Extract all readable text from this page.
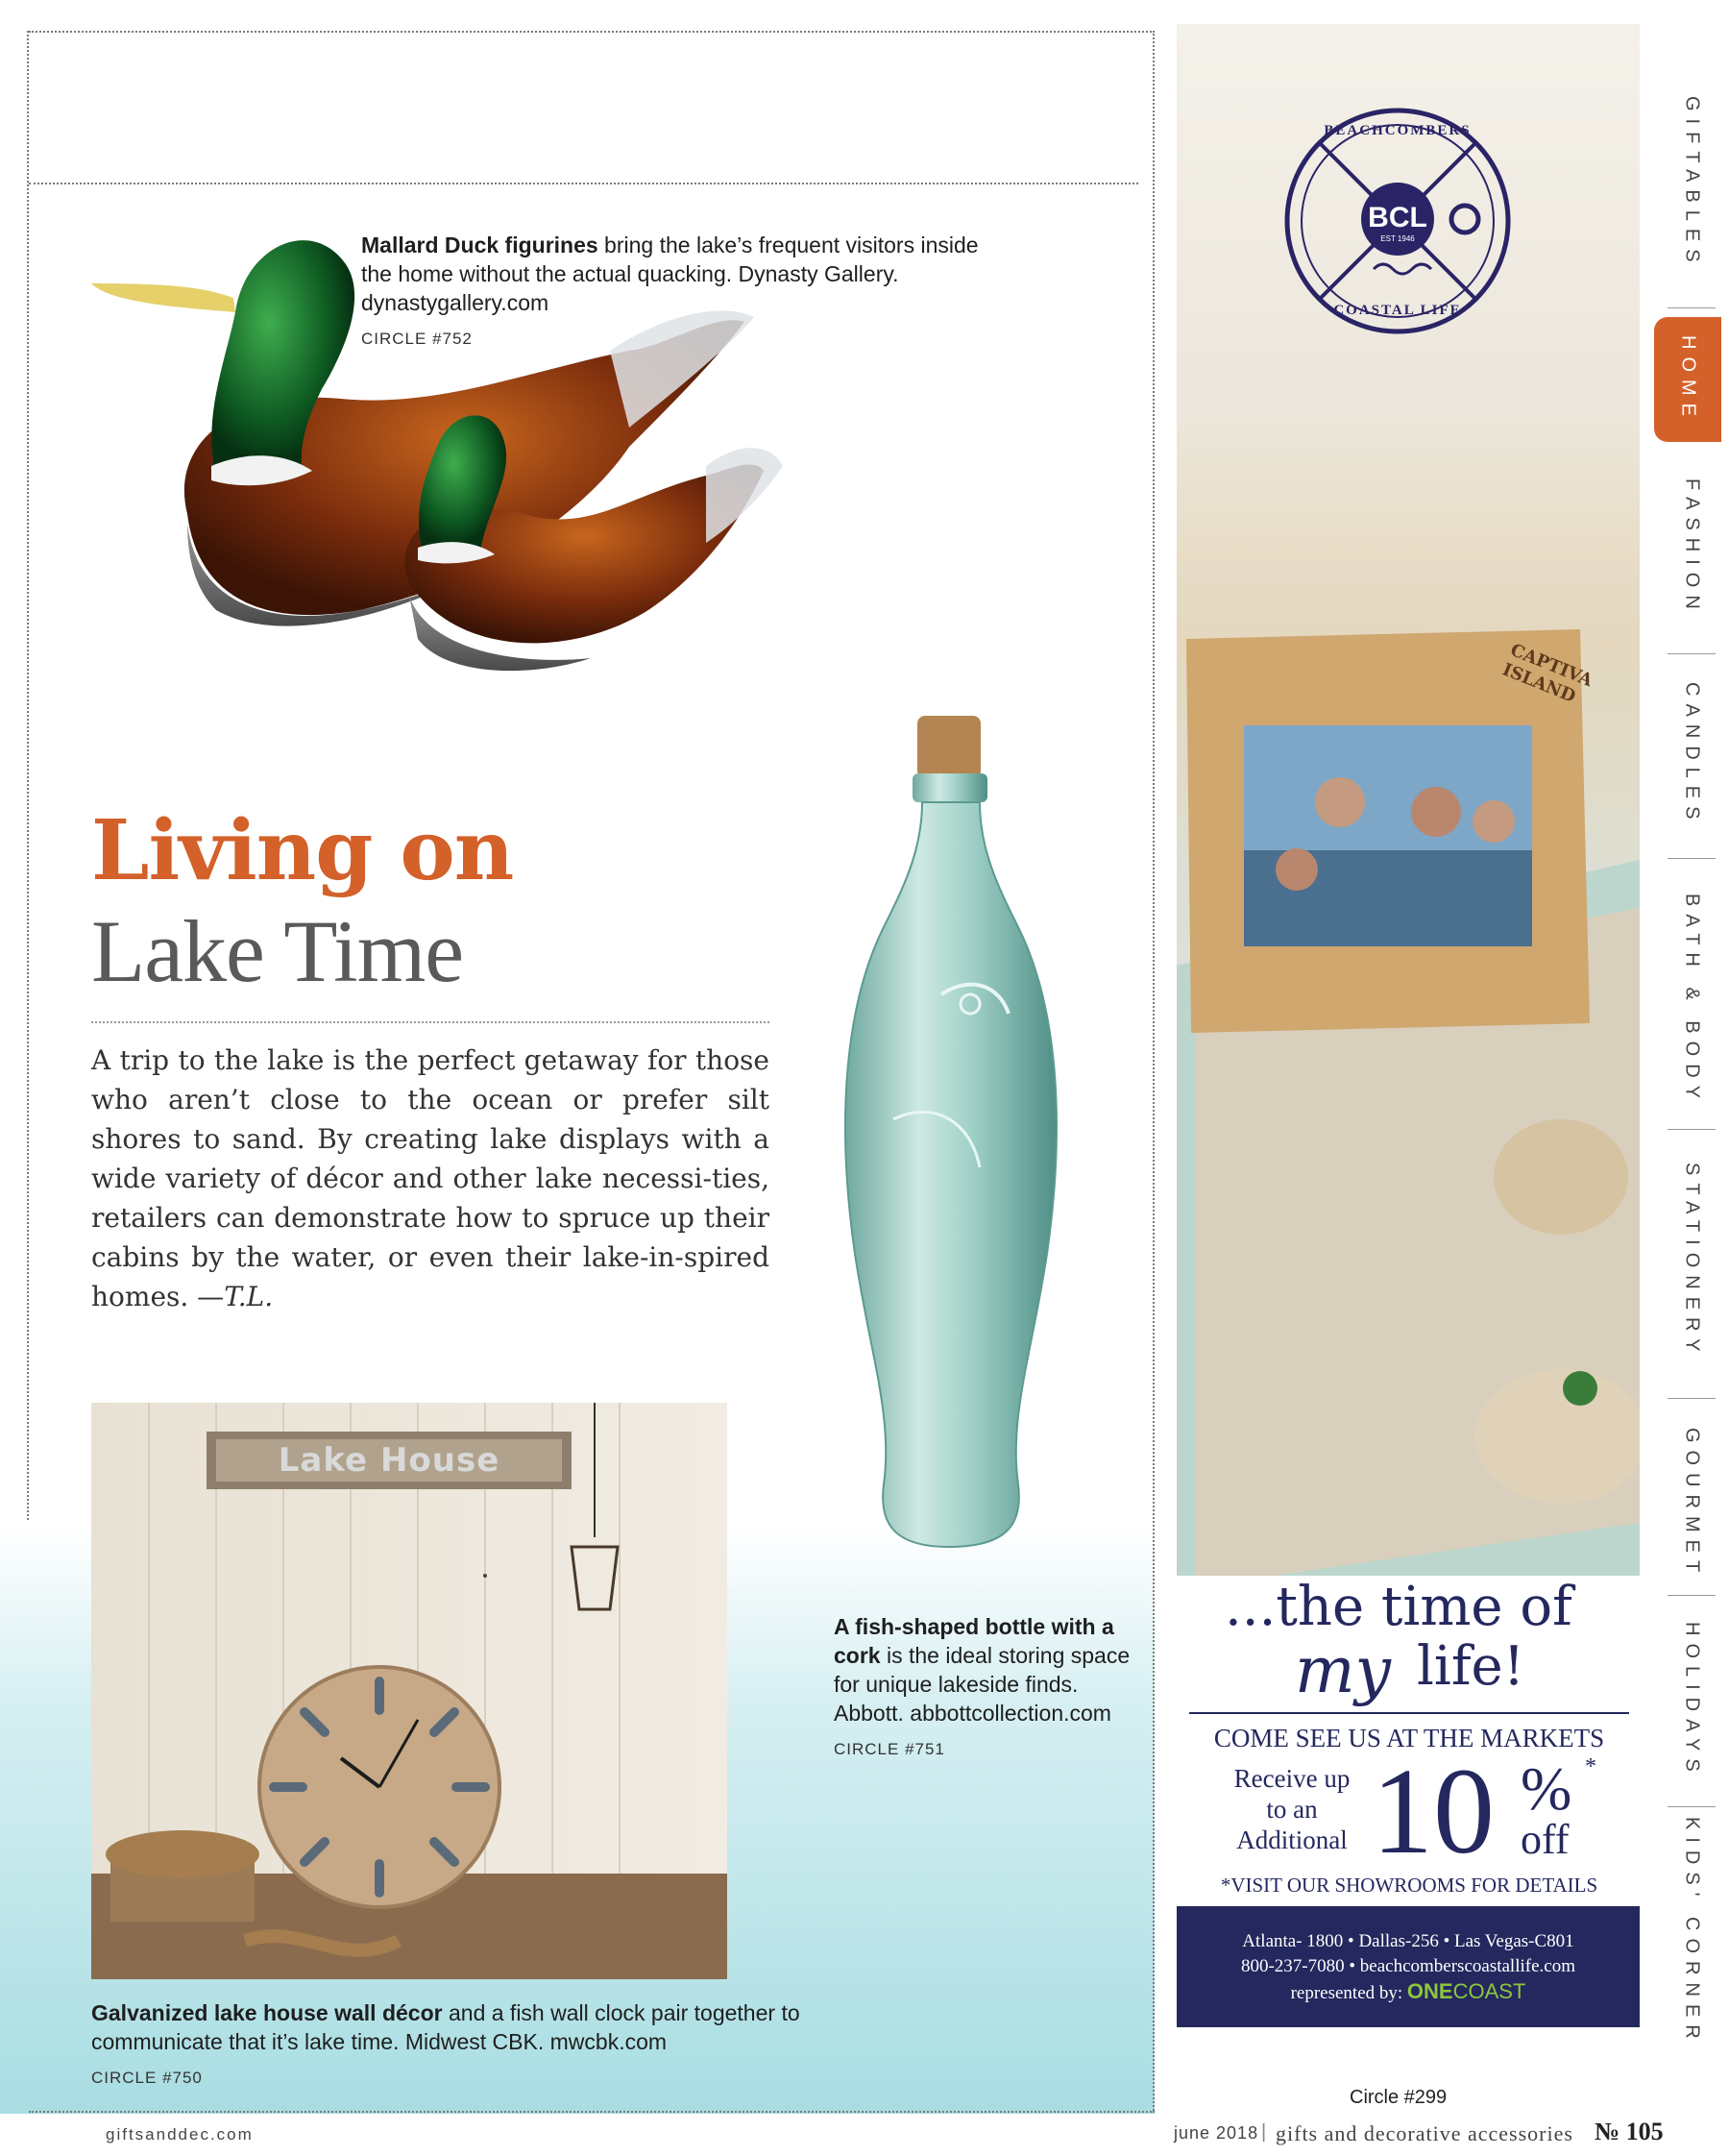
Mallard Duck figurines bring the lake’s frequent visitors inside the home without the actual quacking. Dynasty Gallery. dynastygallery.com
CIRCLE #752
Living on
Lake Time
A trip to the lake is the perfect getaway for those who aren’t close to the ocean or prefer silt shores to sand. By creating lake displays with a wide variety of décor and other lake necessi-ties, retailers can demonstrate how to spruce up their cabins by the water, or even their lake-in-spired homes. —T.L.
A fish-shaped bottle with a cork is the ideal storing space for unique lakeside finds. Abbott. abbottcollection.com
CIRCLE #751
Lake House
Galvanized lake house wall décor and a fish wall clock pair together to communicate that it’s lake time. Midwest CBK. mwcbk.com
CIRCLE #750
BEACHCOMBERS
BCL
EST 1946
COASTAL LIFE
CAPTIVA ISLAND
...the time of
my life!
COME SEE US AT THE MARKETS
Receive up
to an
Additional 10 % *
off
*VISIT OUR SHOWROOMS FOR DETAILS
Atlanta- 1800 • Dallas-256 • Las Vegas-C801
800-237-7080 • beachcomberscoastallife.com
represented by: ONECOAST
Circle #299
GIFTABLES
HOME
FASHION
CANDLES
BATH & BODY
STATIONERY
GOURMET
HOLIDAYS
KIDS' CORNER
giftsanddec.com	june 2018 | gifts and decorative accessories № 105
